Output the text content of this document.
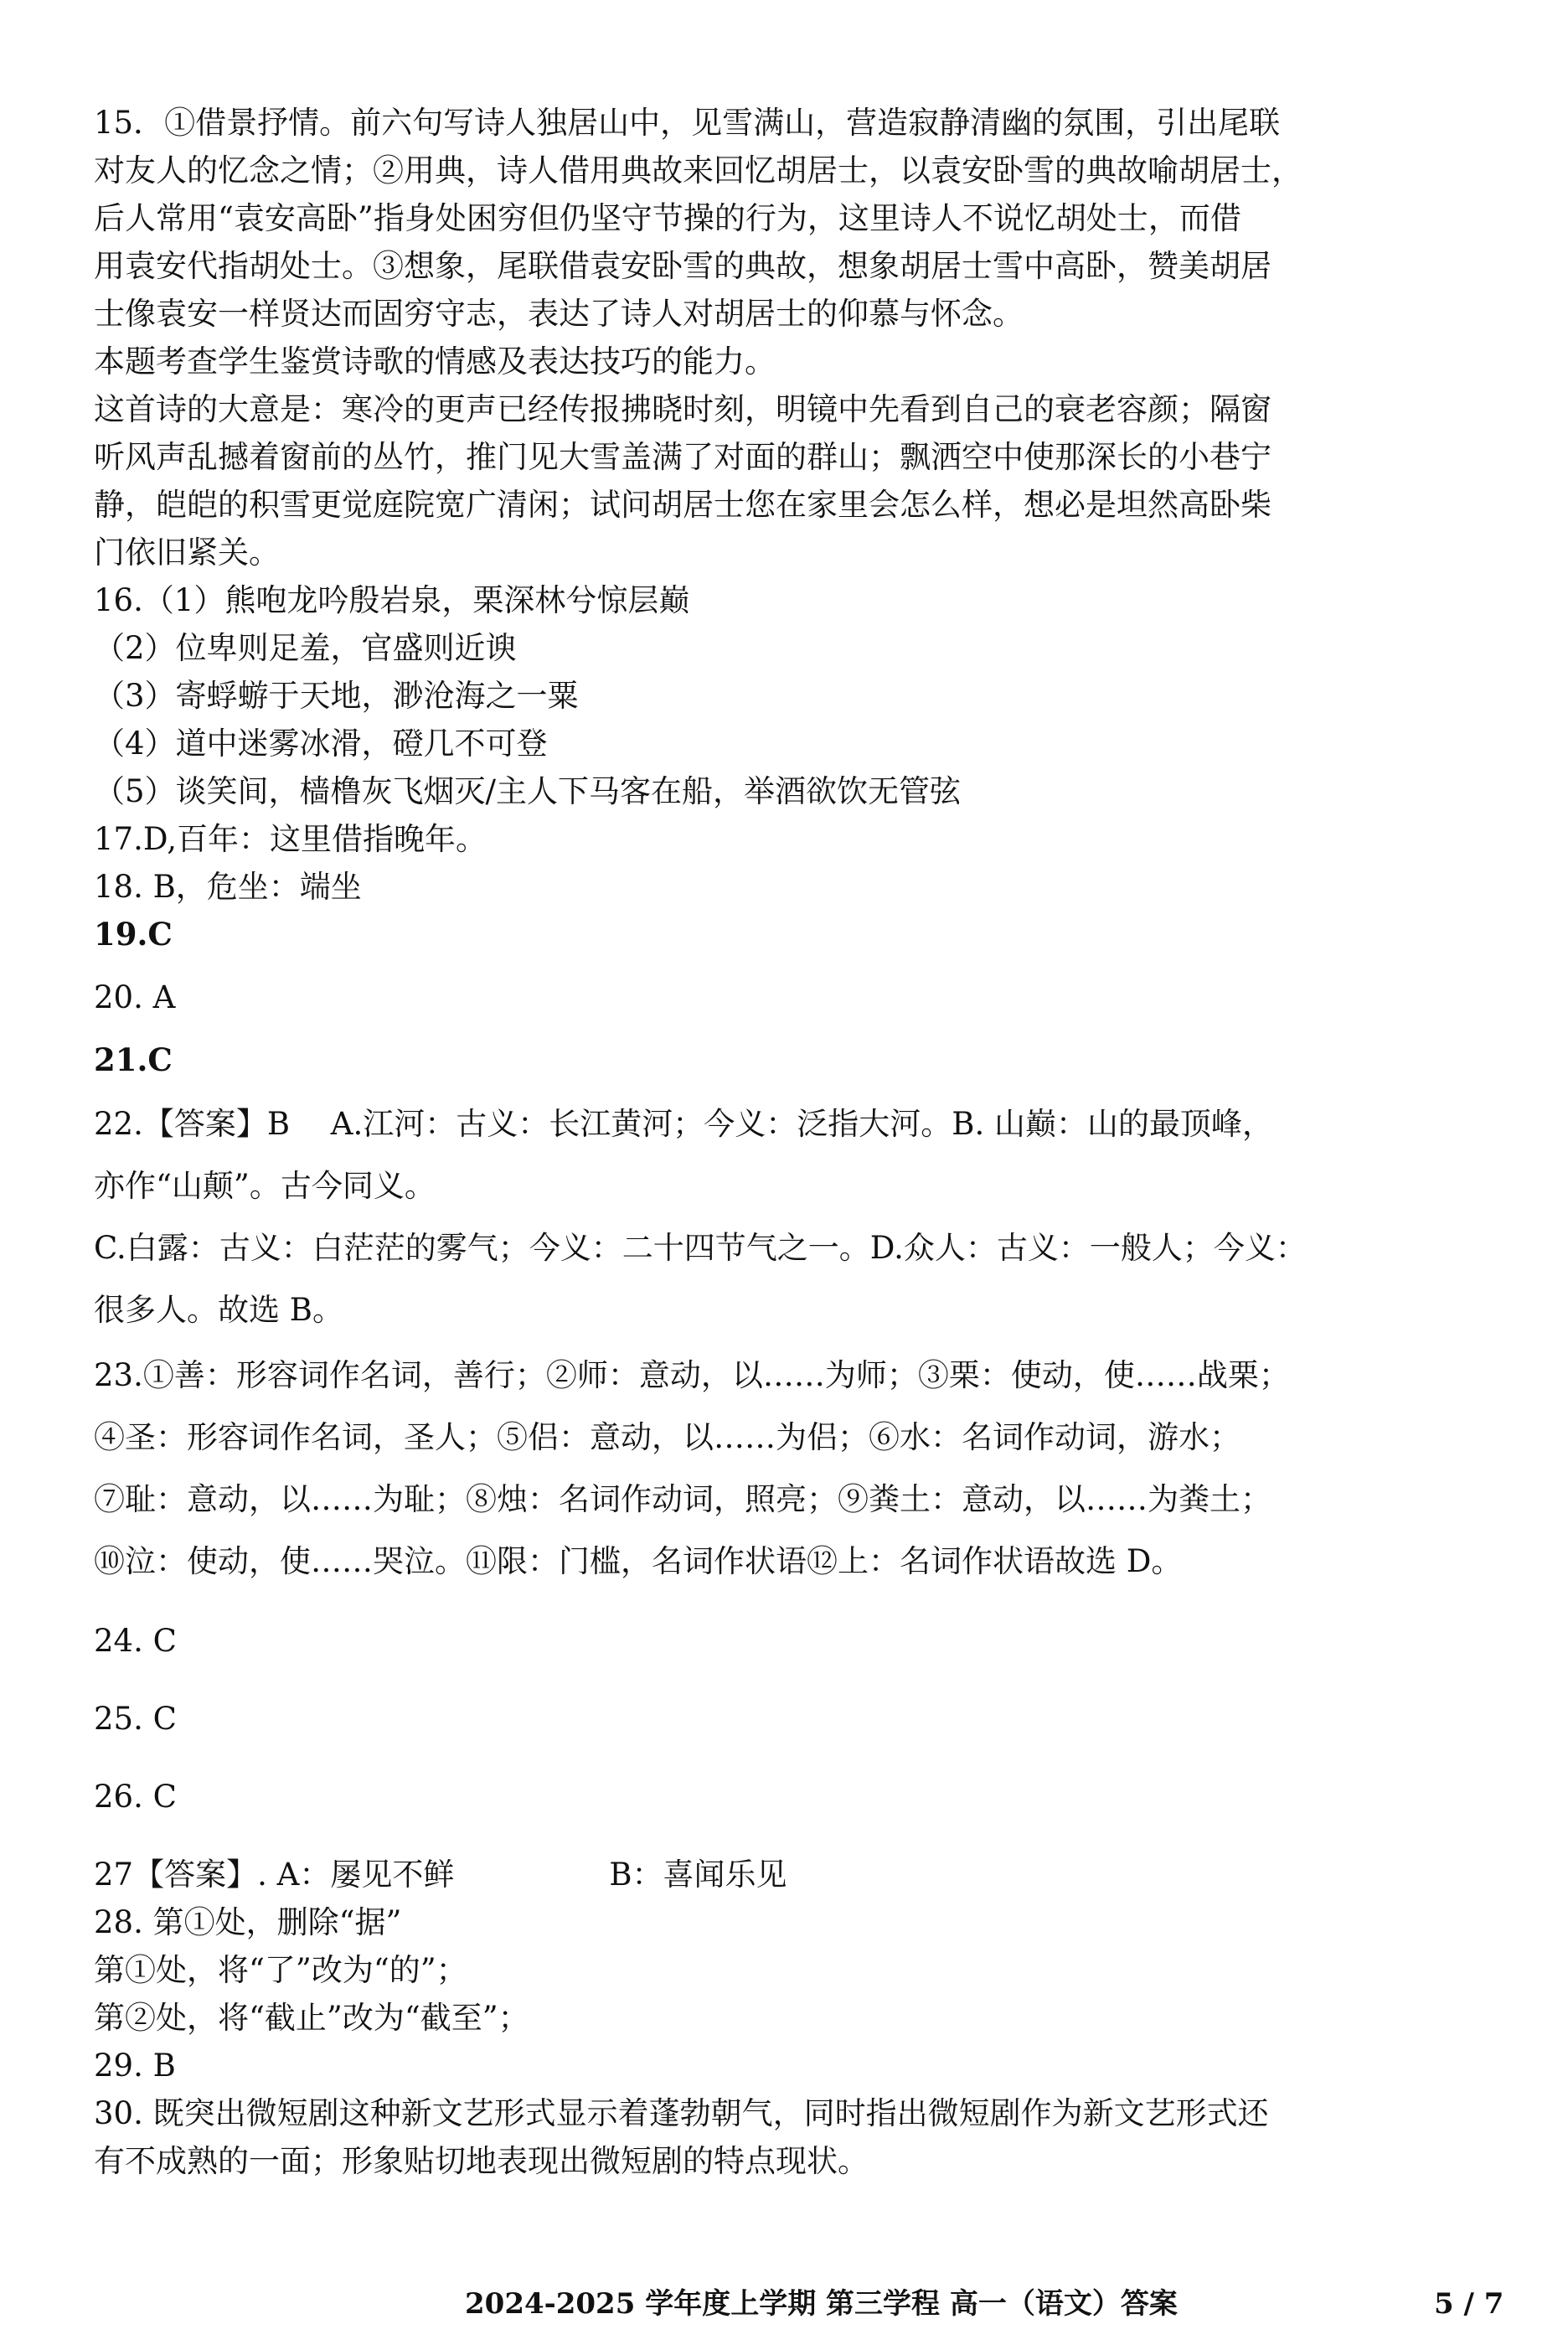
15．①借景抒情。前六句写诗人独居山中，见雪满山，营造寂静清幽的氛围，引出尾联
对友人的忆念之情；②用典，诗人借用典故来回忆胡居士，以袁安卧雪的典故喻胡居士，
后人常用“袁安高卧”指身处困穷但仍坚守节操的行为，这里诗人不说忆胡处士，而借
用袁安代指胡处士。③想象，尾联借袁安卧雪的典故，想象胡居士雪中高卧，赞美胡居
士像袁安一样贤达而固穷守志，表达了诗人对胡居士的仰慕与怀念。
本题考查学生鉴赏诗歌的情感及表达技巧的能力。
这首诗的大意是：寒冷的更声已经传报拂晓时刻，明镜中先看到自己的衰老容颜；隔窗
听风声乱撼着窗前的丛竹，推门见大雪盖满了对面的群山；飘洒空中使那深长的小巷宁
静，皑皑的积雪更觉庭院宽广清闲；试问胡居士您在家里会怎么样，想必是坦然高卧柴
门依旧紧关。
16.（1）熊咆龙吟殷岩泉，栗深林兮惊层巅
（2）位卑则足羞，官盛则近谀
（3）寄蜉蝣于天地，渺沧海之一粟
（4）道中迷雾冰滑，磴几不可登
（5）谈笑间，樯橹灰飞烟灭/主人下马客在船，举酒欲饮无管弦
17.D,百年：这里借指晚年。
18. B，危坐：端坐
19.C
20. A
21.C
22.【答案】B　 A.江河：古义：长江黄河；今义：泛指大河。B. 山巅：山的最顶峰，
亦作“山颠”。古今同义。
C.白露：古义：白茫茫的雾气；今义：二十四节气之一。D.众人：古义：一般人；今义：
很多人。故选 B。
23.①善：形容词作名词，善行；②师：意动，以……为师；③栗：使动，使……战栗；
④圣：形容词作名词，圣人；⑤侣：意动，以……为侣；⑥水：名词作动词，游水；
⑦耻：意动，以……为耻；⑧烛：名词作动词，照亮；⑨粪土：意动，以……为粪土；
⑩泣：使动，使……哭泣。⑪限：门槛，名词作状语⑫上：名词作状语故选 D。
24. C
25. C
26. C
27【答案】. A：屡见不鲜　　　　　B：喜闻乐见
28. 第①处，删除“据”
第①处，将“了”改为“的”；
第②处，将“截止”改为“截至”；
29. B
30. 既突出微短剧这种新文艺形式显示着蓬勃朝气，同时指出微短剧作为新文艺形式还
有不成熟的一面；形象贴切地表现出微短剧的特点现状。
2024-2025 学年度上学期 第三学程 高一（语文）答案	5 / 7
